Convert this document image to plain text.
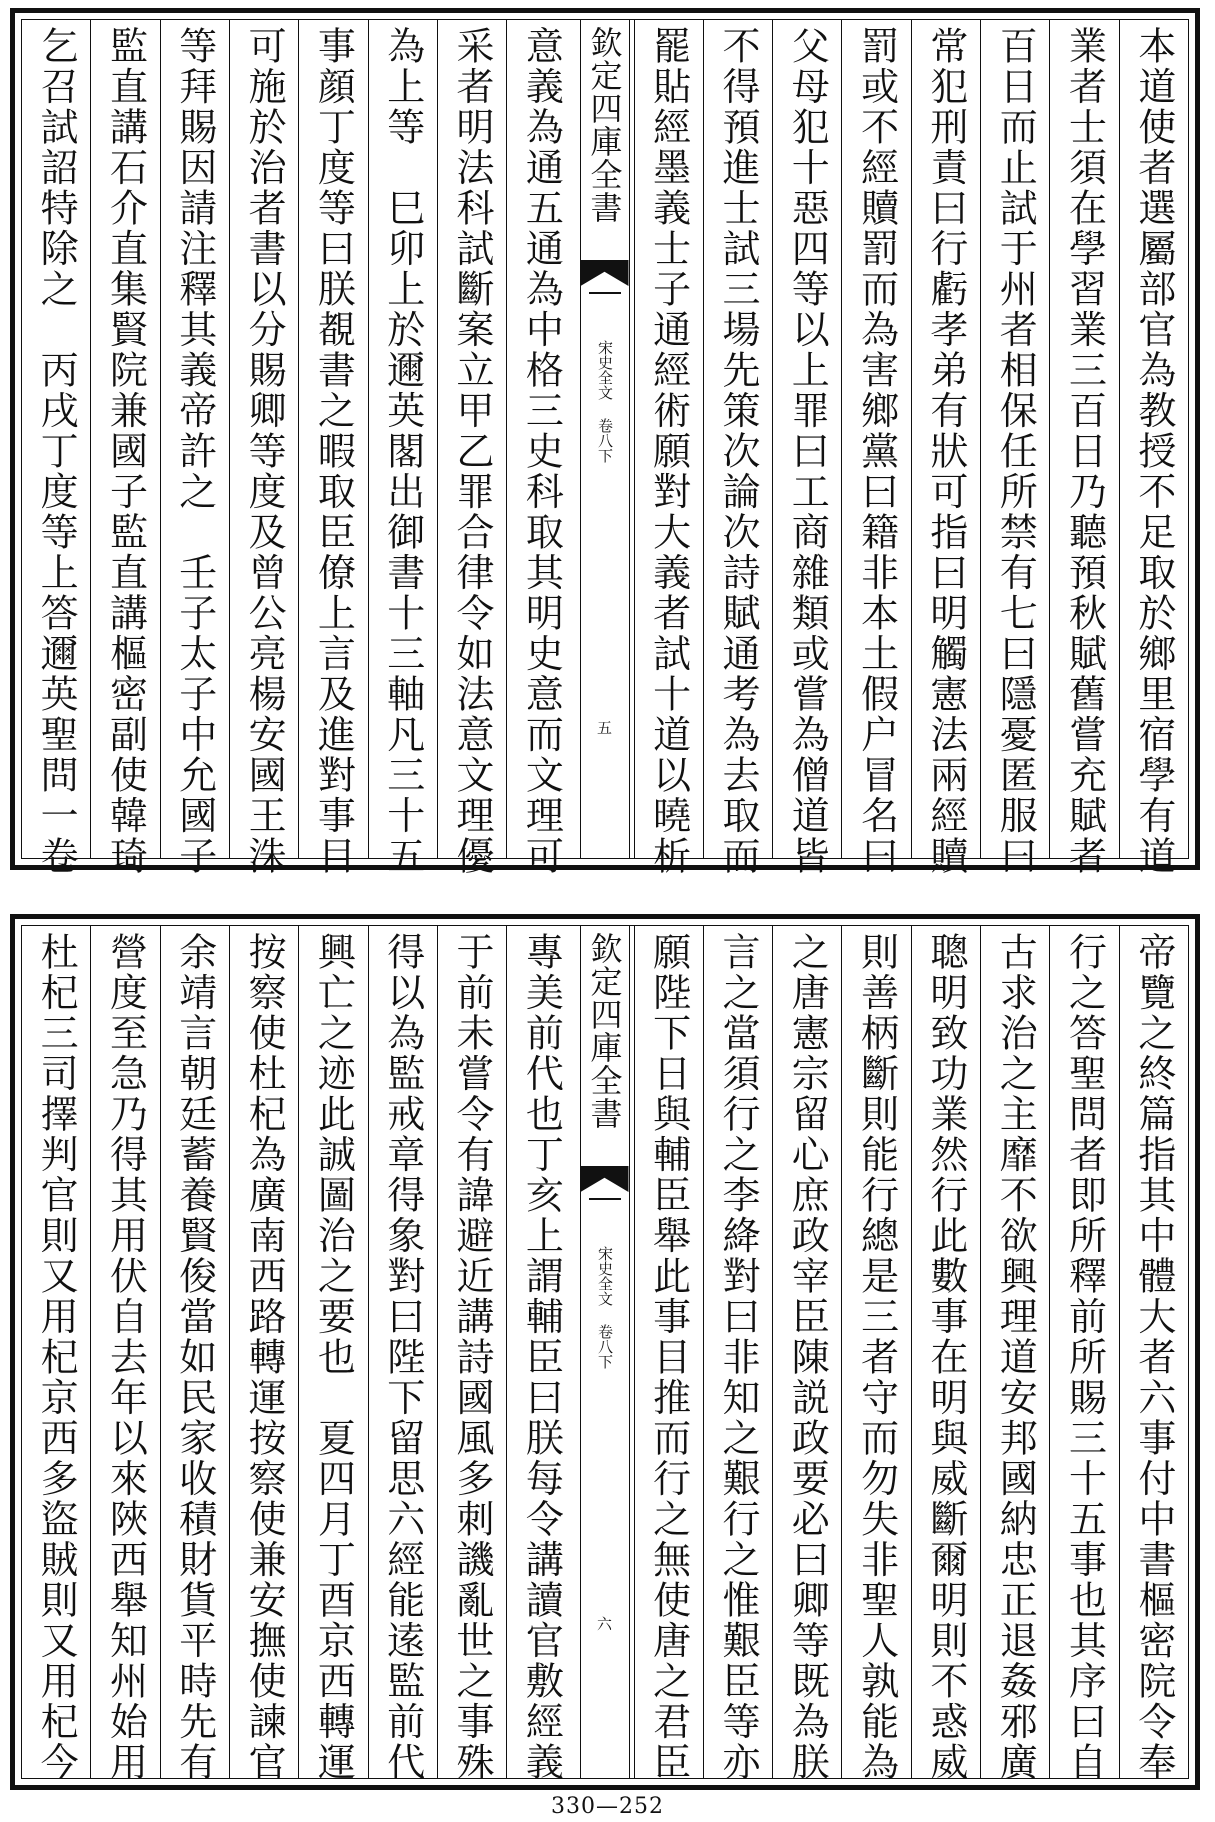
本道使者選屬部官為教授不足取於鄉里宿學有道
業者士須在學習業三百日乃聽預秋賦舊嘗充賦者
百日而止試于州者相保任所禁有七曰隱憂匿服曰
常犯刑責曰行虧孝弟有狀可指曰明觸憲法兩經贖
罰或不經贖罰而為害鄉黨曰籍非本土假户冒名曰
父母犯十惡四等以上罪曰工商雜類或嘗為僧道皆
不得預進士試三場先策次論次詩賦通考為去取而
罷貼經墨義士子通經術願對大義者試十道以曉析
欽定四庫全書
宋史全文 卷八下
五
意義為通五通為中格三史科取其明史意而文理可
采者明法科試斷案立甲乙罪合律令如法意文理優
為上等　巳卯上於邇英閣出御書十三軸凡三十五
事顔丁度等曰朕覩書之暇取臣僚上言及進對事目
可施於治者書以分賜卿等度及曾公亮楊安國王洙
等拜賜因請注釋其義帝許之　壬子太子中允國子
監直講石介直集賢院兼國子監直講樞密副使韓琦
乞召試詔特除之　丙戌丁度等上答邇英聖問一卷
帝覽之終篇指其中體大者六事付中書樞密院令奉
行之答聖問者即所釋前所賜三十五事也其序曰自
古求治之主靡不欲興理道安邦國納忠正退姦邪廣
聰明致功業然行此數事在明與威斷爾明則不惑威
則善柄斷則能行總是三者守而勿失非聖人孰能為
之唐憲宗留心庶政宰臣陳説政要必曰卿等既為朕
言之當須行之李絳對曰非知之艱行之惟艱臣等亦
願陛下日與輔臣舉此事目推而行之無使唐之君臣
欽定四庫全書
宋史全文 卷八下
六
專美前代也丁亥上謂輔臣曰朕每令講讀官敷經義
于前未嘗令有諱避近講詩國風多刺譏亂世之事殊
得以為監戒章得象對曰陛下留思六經能逺監前代
興亡之迹此誠圖治之要也　夏四月丁酉京西轉運
按察使杜杞為廣南西路轉運按察使兼安撫使諫官
余靖言朝廷蓄養賢俊當如民家收積財貨平時先有
營度至急乃得其用伏自去年以來陜西舉知州始用
杜杞三司擇判官則又用杞京西多盜賊則又用杞今
330—252
